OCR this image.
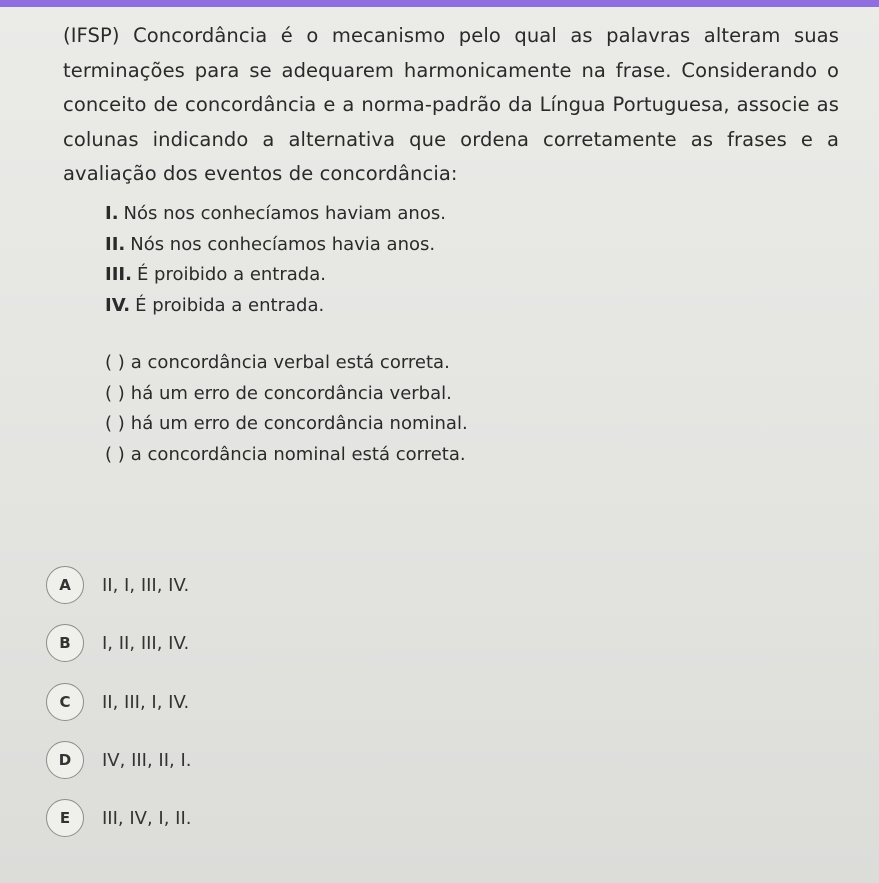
(IFSP) Concordância é o mecanismo pelo qual as palavras alteram suas terminações para se adequarem harmonicamente na frase. Considerando o conceito de concordância e a norma-padrão da Língua Portuguesa, associe as colunas indicando a alternativa que ordena corretamente as frases e a avaliação dos eventos de concordância:

I. Nós nos conhecíamos haviam anos.
II. Nós nos conhecíamos havia anos.
III. É proibido a entrada.
IV. É proibida a entrada.
( ) a concordância verbal está correta.
( ) há um erro de concordância verbal.
( ) há um erro de concordância nominal.
( ) a concordância nominal está correta.
A	II, I, III, IV.
B	I, II, III, IV.
C	II, III, I, IV.
D	IV, III, II, I.
E	III, IV, I, II.
